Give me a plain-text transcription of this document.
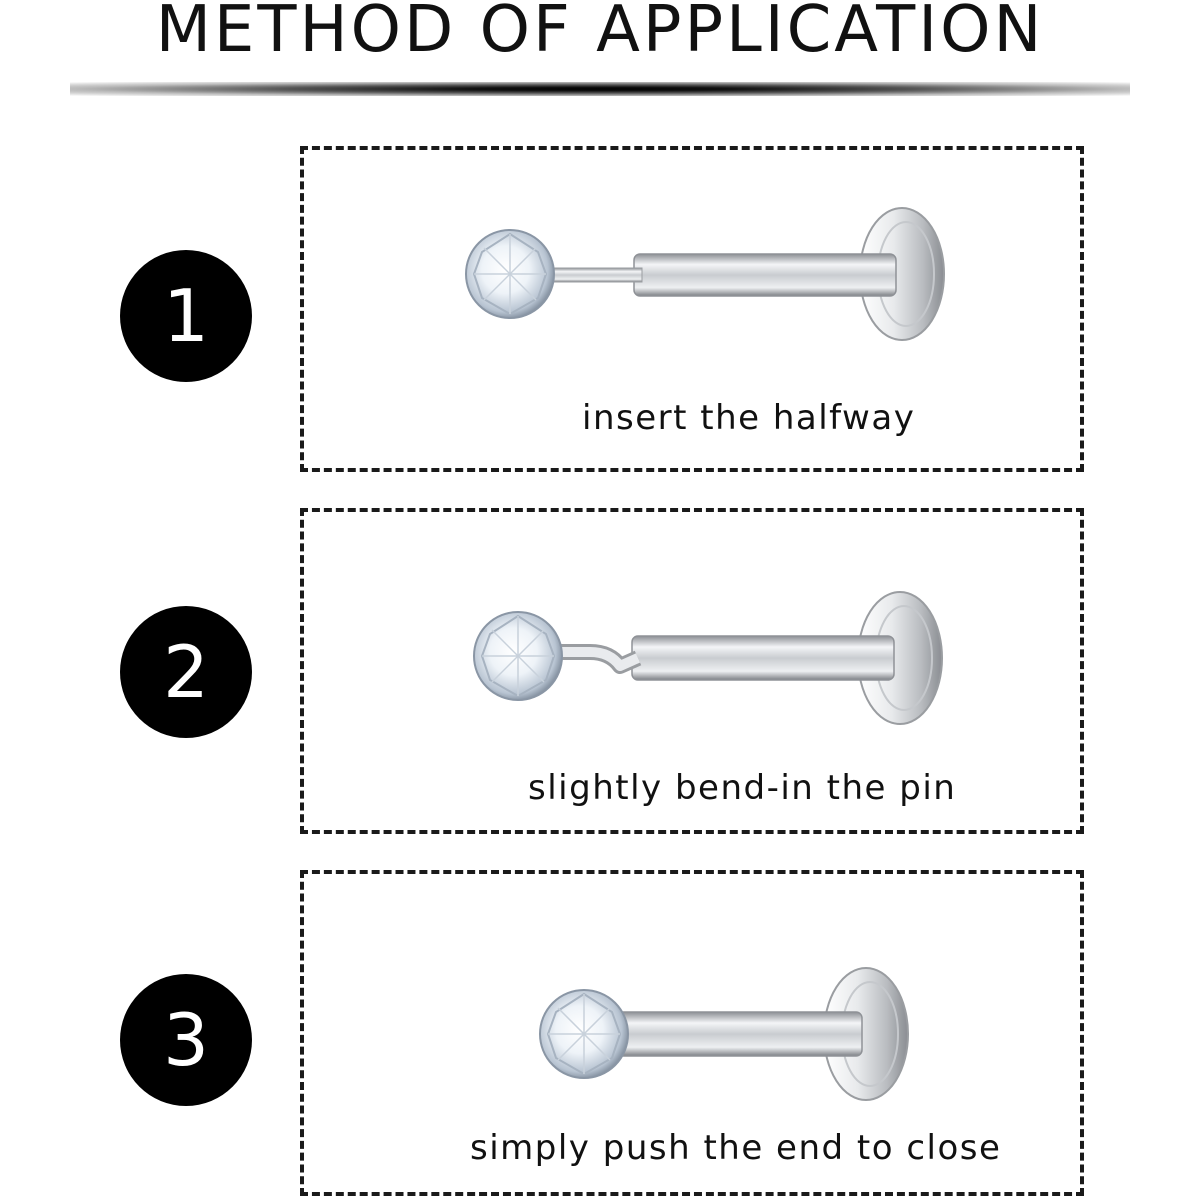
METHOD OF APPLICATION
1
insert the halfway
2
slightly bend-in the pin
3
simply push the end to close
